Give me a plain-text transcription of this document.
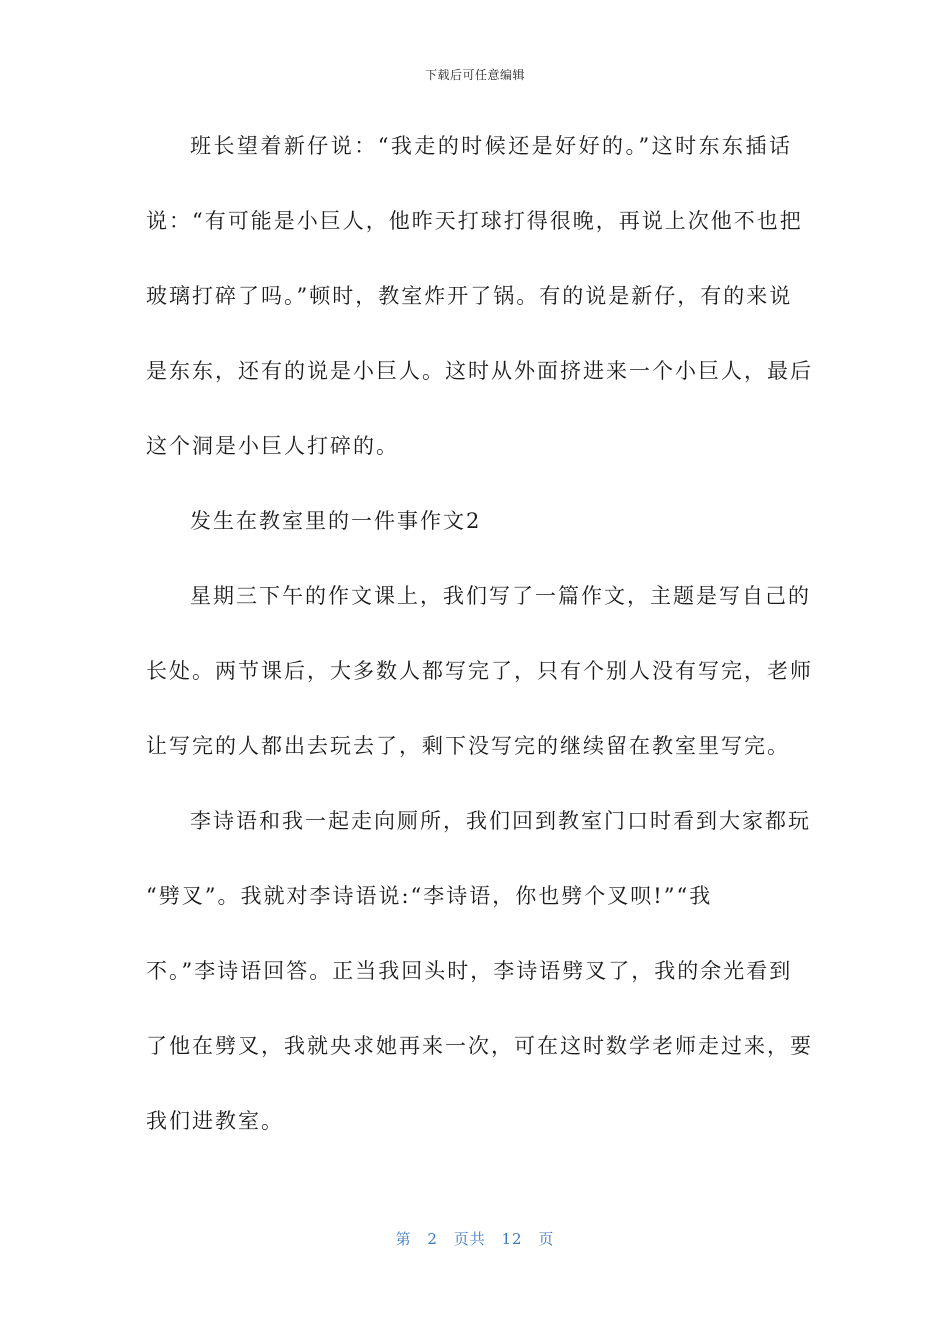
下载后可任意编辑
班长望着新仔说：“我走的时候还是好好的。”这时东东插话
说：“有可能是小巨人，他昨天打球打得很晚，再说上次他不也把
玻璃打碎了吗。”顿时，教室炸开了锅。有的说是新仔，有的来说
是东东，还有的说是小巨人。这时从外面挤进来一个小巨人，最后
这个洞是小巨人打碎的。
发生在教室里的一件事作文2
星期三下午的作文课上，我们写了一篇作文，主题是写自己的
长处。两节课后，大多数人都写完了，只有个别人没有写完，老师
让写完的人都出去玩去了，剩下没写完的继续留在教室里写完。
李诗语和我一起走向厕所，我们回到教室门口时看到大家都玩
“劈叉”。我就对李诗语说:“李诗语，你也劈个叉呗!”“我
不。”李诗语回答。正当我回头时，李诗语劈叉了，我的余光看到
了他在劈叉，我就央求她再来一次，可在这时数学老师走过来，要
我们进教室。
第 2 页共 12 页
